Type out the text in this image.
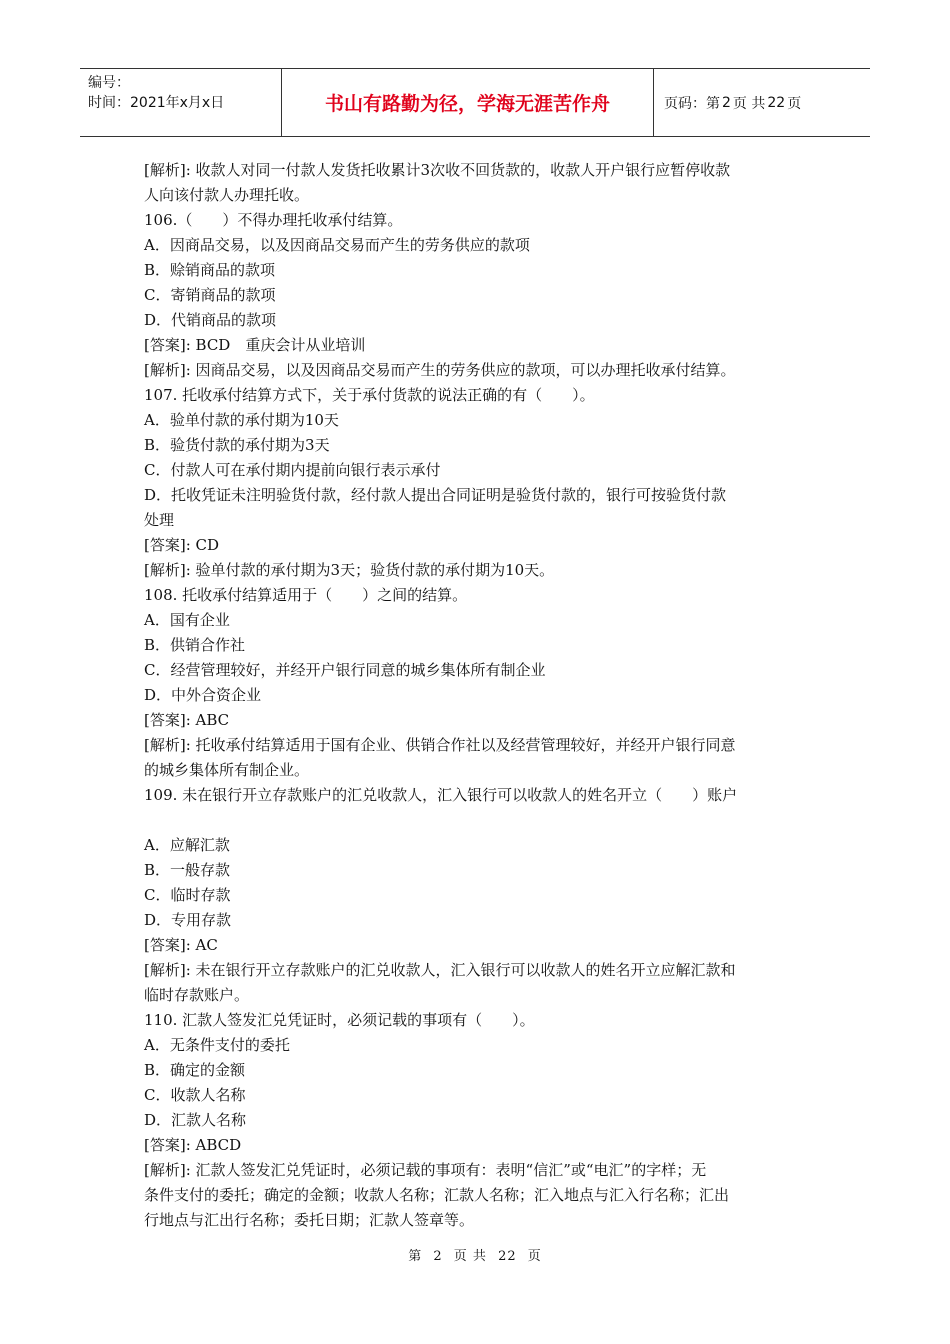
编号：
时间：2021年x月x日	书山有路勤为径，学海无涯苦作舟	页码：第 2 页 共 22 页

[解析]: 收款人对同一付款人发货托收累计3次收不回货款的，收款人开户银行应暂停收款

人向该付款人办理托收。

106.（　　）不得办理托收承付结算。

A．因商品交易，以及因商品交易而产生的劳务供应的款项

B．赊销商品的款项

C．寄销商品的款项

D．代销商品的款项

[答案]: BCD　重庆会计从业培训

[解析]: 因商品交易，以及因商品交易而产生的劳务供应的款项，可以办理托收承付结算。

107. 托收承付结算方式下，关于承付货款的说法正确的有（　　）。

A．验单付款的承付期为10天

B．验货付款的承付期为3天

C．付款人可在承付期内提前向银行表示承付

D．托收凭证未注明验货付款，经付款人提出合同证明是验货付款的，银行可按验货付款

处理

[答案]: CD

[解析]: 验单付款的承付期为3天；验货付款的承付期为10天。

108. 托收承付结算适用于（　　）之间的结算。

A．国有企业

B．供销合作社

C．经营管理较好，并经开户银行同意的城乡集体所有制企业

D．中外合资企业

[答案]: ABC

[解析]: 托收承付结算适用于国有企业、供销合作社以及经营管理较好，并经开户银行同意

的城乡集体所有制企业。

109. 未在银行开立存款账户的汇兑收款人，汇入银行可以收款人的姓名开立（　　）账户

A．应解汇款

B．一般存款

C．临时存款

D．专用存款

[答案]: AC

[解析]: 未在银行开立存款账户的汇兑收款人，汇入银行可以收款人的姓名开立应解汇款和

临时存款账户。

110. 汇款人签发汇兑凭证时，必须记载的事项有（　　）。

A．无条件支付的委托

B．确定的金额

C．收款人名称

D．汇款人名称

[答案]: ABCD

[解析]: 汇款人签发汇兑凭证时，必须记载的事项有：表明“信汇”或“电汇”的字样；无

条件支付的委托；确定的金额；收款人名称；汇款人名称；汇入地点与汇入行名称；汇出

行地点与汇出行名称；委托日期；汇款人签章等。

第 2 页 共 22 页
